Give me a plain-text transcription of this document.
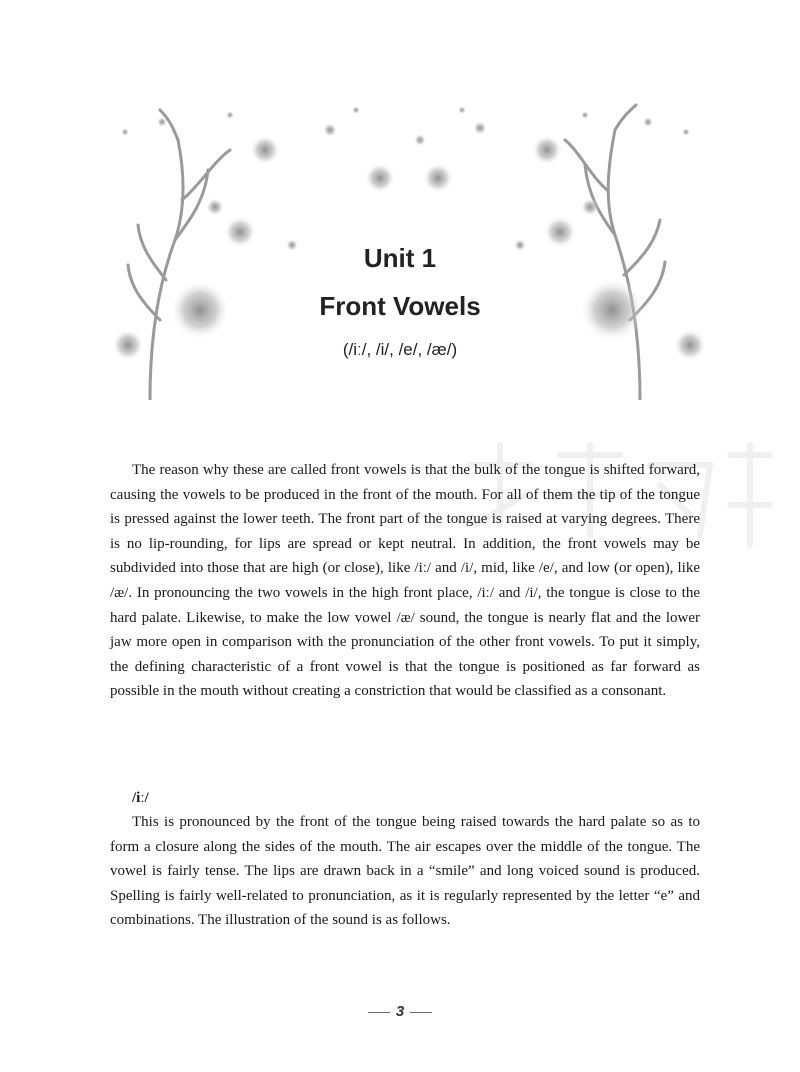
Unit 1
Front Vowels
(/iː/, /i/, /e/, /æ/)

The reason why these are called front vowels is that the bulk of the tongue is shifted forward, causing the vowels to be produced in the front of the mouth. For all of them the tip of the tongue is pressed against the lower teeth. The front part of the tongue is raised at varying degrees. There is no lip-rounding, for lips are spread or kept neutral. In addition, the front vowels may be subdivided into those that are high (or close), like /iː/ and /i/, mid, like /e/, and low (or open), like /æ/. In pronouncing the two vowels in the high front place, /iː/ and /i/, the tongue is close to the hard palate. Likewise, to make the low vowel /æ/ sound, the tongue is nearly flat and the lower jaw more open in comparison with the pronunciation of the other front vowels. To put it simply, the defining characteristic of a front vowel is that the tongue is positioned as far forward as possible in the mouth without creating a constriction that would be classified as a consonant.

/iː/

This is pronounced by the front of the tongue being raised towards the hard palate so as to form a closure along the sides of the mouth. The air escapes over the middle of the tongue. The vowel is fairly tense. The lips are drawn back in a “smile” and long voiced sound is produced. Spelling is fairly well-related to pronunciation, as it is regularly represented by the letter “e” and combinations. The illustration of the sound is as follows.

3
